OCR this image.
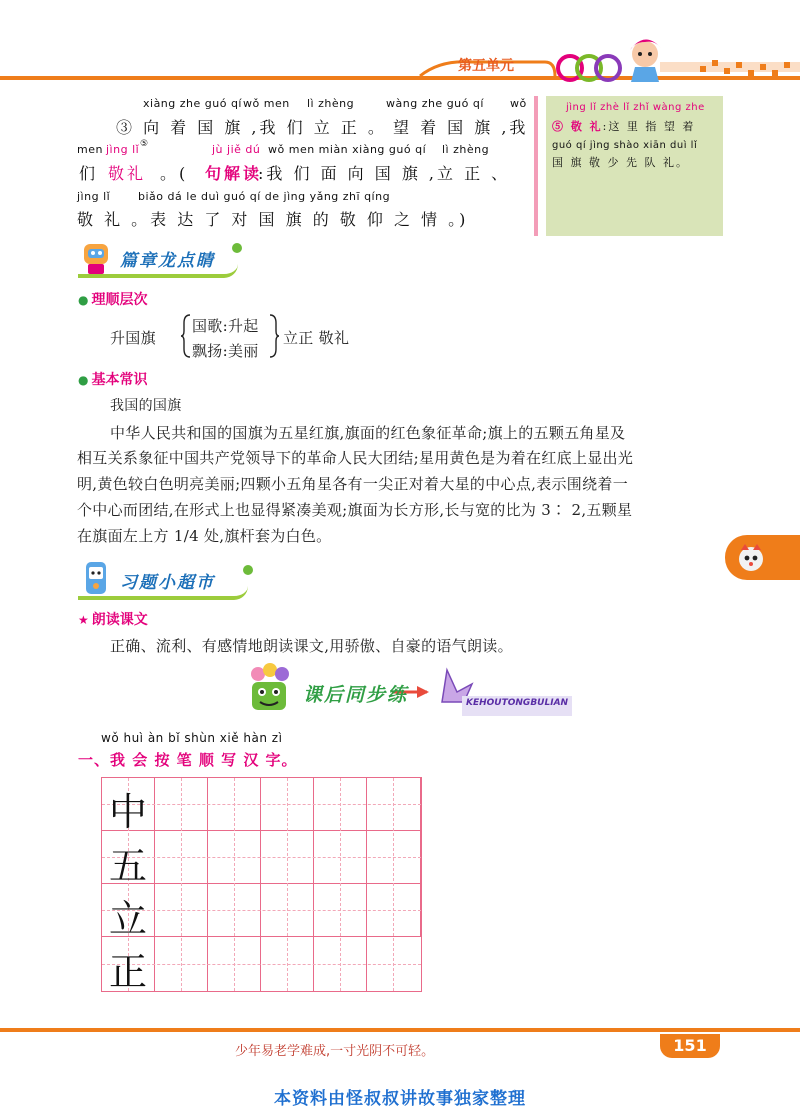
第五单元
xiàng zhe guó qí wǒ men lì zhèng	wàng zhe guó qí wǒ
③ 向 着 国 旗 ,我 们 立 正 。 望 着 国 旗 ,我
men jìng lǐ ⑤	jù jiě dú wǒ men miàn xiàng guó qí lì zhèng
们 敬礼 。( 句解读
:我 们 面 向 国 旗 ,立 正 、
jìng lǐ	biǎo dá le duì guó qí de jìng yǎng zhī qíng
敬 礼 。表 达 了 对 国 旗 的 敬 仰 之 情 。)
jìng lǐ zhè lǐ zhǐ wàng zhe
⑤ 敬 礼:这 里 指 望 着
guó qí jìng shào xiān duì lǐ
国 旗 敬 少 先 队 礼。
篇章龙点睛
● 理顺层次
升国旗
国歌:升起
飘扬:美丽
立正 敬礼
● 基本常识
我国的国旗
中华人民共和国的国旗为五星红旗,旗面的红色象征革命;旗上的五颗五角星及
相互关系象征中国共产党领导下的革命人民大团结;星用黄色是为着在红底上显出光
明,黄色较白色明亮美丽;四颗小五角星各有一尖正对着大星的中心点,表示围绕着一
个中心而团结,在形式上也显得紧凑美观;旗面为长方形,长与宽的比为 3∶ 2,五颗星
在旗面左上方 1/4 处,旗杆套为白色。
习题小超市
★ 朗读课文
正确、流利、有感情地朗读课文,用骄傲、自豪的语气朗读。
课后同步练	KEHOUTONGBULIAN
wǒ huì àn bǐ shùn xiě hàn zì
一、我 会 按 笔 顺 写 汉 字。
中
五
立
正
少年易老学难成,一寸光阴不可轻。	151
本资料由怪叔叔讲故事独家整理
